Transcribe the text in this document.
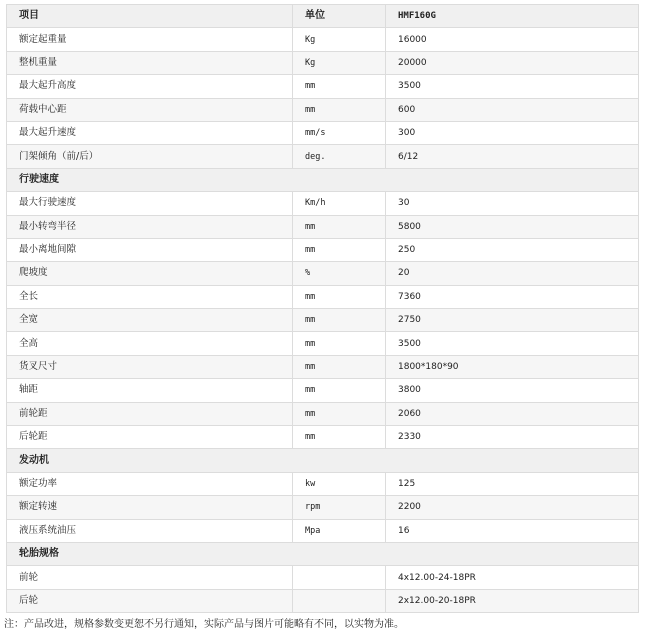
项目	单位	HMF160G
额定起重量	Kg	16000
整机重量	Kg	20000
最大起升高度	mm	3500
荷载中心距	mm	600
最大起升速度	mm/s	300
门架倾角（前/后）	deg.	6/12
行驶速度		
最大行驶速度	Km/h	30
最小转弯半径	mm	5800
最小离地间隙	mm	250
爬坡度	%	20
全长	mm	7360
全宽	mm	2750
全高	mm	3500
货叉尺寸	mm	1800*180*90
轴距	mm	3800
前轮距	mm	2060
后轮距	mm	2330
发动机		
额定功率	kw	125
额定转速	rpm	2200
液压系统油压	Mpa	16
轮胎规格		
前轮		4x12.00-24-18PR
后轮		2x12.00-20-18PR
注：产品改进，规格参数变更恕不另行通知，实际产品与图片可能略有不同，以实物为准。
